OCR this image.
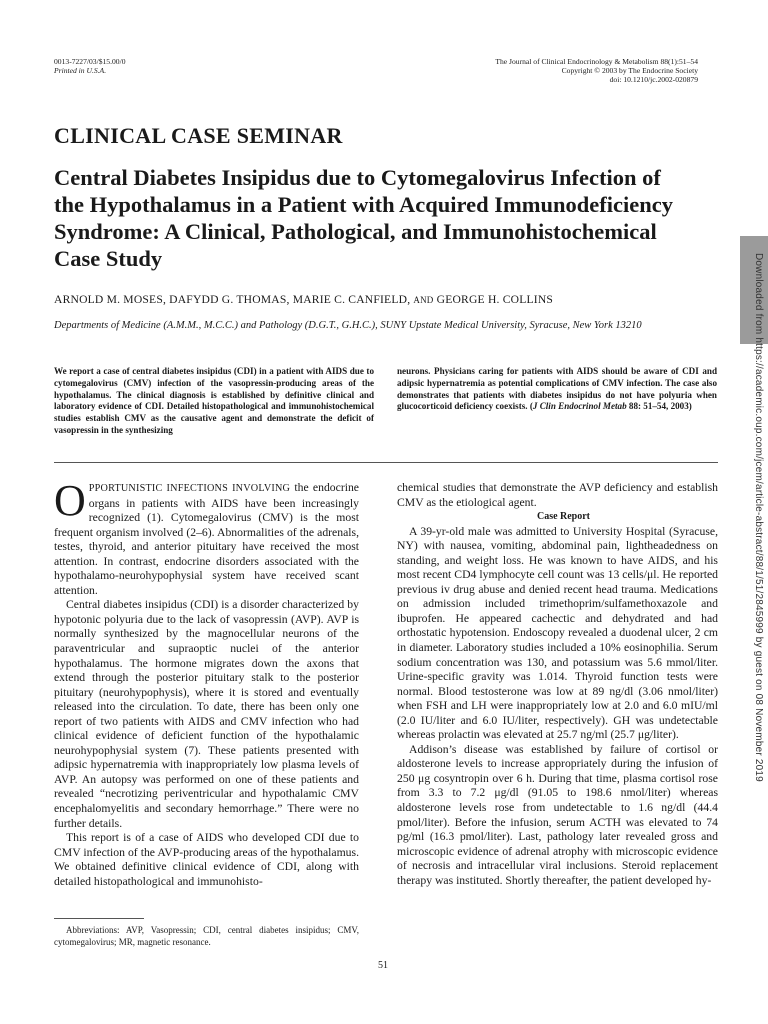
0013-7227/03/$15.00/0
Printed in U.S.A.
The Journal of Clinical Endocrinology & Metabolism 88(1):51–54
Copyright © 2003 by The Endocrine Society
doi: 10.1210/jc.2002-020879
CLINICAL CASE SEMINAR
Central Diabetes Insipidus due to Cytomegalovirus Infection of the Hypothalamus in a Patient with Acquired Immunodeficiency Syndrome: A Clinical, Pathological, and Immunohistochemical Case Study
ARNOLD M. MOSES, DAFYDD G. THOMAS, MARIE C. CANFIELD, AND GEORGE H. COLLINS
Departments of Medicine (A.M.M., M.C.C.) and Pathology (D.G.T., G.H.C.), SUNY Upstate Medical University, Syracuse, New York 13210
We report a case of central diabetes insipidus (CDI) in a patient with AIDS due to cytomegalovirus (CMV) infection of the vasopressin-producing areas of the hypothalamus. The clinical diagnosis is established by definitive clinical and laboratory evidence of CDI. Detailed histopathological and immunohistochemical studies establish CMV as the causative agent and demonstrate the deficit of vasopressin in the synthesizing
neurons. Physicians caring for patients with AIDS should be aware of CDI and adipsic hypernatremia as potential complications of CMV infection. The case also demonstrates that patients with diabetes insipidus do not have polyuria when glucocorticoid deficiency coexists. (J Clin Endocrinol Metab 88: 51–54, 2003)

OPPORTUNISTIC INFECTIONS INVOLVING the endocrine organs in patients with AIDS have been increasingly recognized (1). Cytomegalovirus (CMV) is the most frequent organism involved (2–6). Abnormalities of the adrenals, testes, thyroid, and anterior pituitary have received the most attention. In contrast, endocrine disorders associated with the hypothalamo-neurohypophysial system have received scant attention.

Central diabetes insipidus (CDI) is a disorder characterized by hypotonic polyuria due to the lack of vasopressin (AVP). AVP is normally synthesized by the magnocellular neurons of the paraventricular and supraoptic nuclei of the anterior hypothalamus. The hormone migrates down the axons that extend through the posterior pituitary stalk to the posterior pituitary (neurohypophysis), where it is stored and eventually released into the circulation. To date, there has been only one report of two patients with AIDS and CMV infection who had clinical evidence of deficient function of the hypothalamic neurohypophysial system (7). These patients presented with adipsic hypernatremia with inappropriately low plasma levels of AVP. An autopsy was performed on one of these patients and revealed “necrotizing periventricular and hypothalamic CMV encephalomyelitis and secondary hemorrhage.” There were no further details.

This report is of a case of AIDS who developed CDI due to CMV infection of the AVP-producing areas of the hypothalamus. We obtained definitive clinical evidence of CDI, along with detailed histopathological and immunohisto-

chemical studies that demonstrate the AVP deficiency and establish CMV as the etiological agent.

Case Report

A 39-yr-old male was admitted to University Hospital (Syracuse, NY) with nausea, vomiting, abdominal pain, lightheadedness on standing, and weight loss. He was known to have AIDS, and his most recent CD4 lymphocyte cell count was 13 cells/μl. He reported previous iv drug abuse and denied recent head trauma. Medications on admission included trimethoprim/sulfamethoxazole and ibuprofen. He appeared cachectic and dehydrated and had orthostatic hypotension. Endoscopy revealed a duodenal ulcer, 2 cm in diameter. Laboratory studies included a 10% eosinophilia. Serum sodium concentration was 130, and potassium was 5.6 mmol/liter. Urine-specific gravity was 1.014. Thyroid function tests were normal. Blood testosterone was low at 89 ng/dl (3.06 nmol/liter) when FSH and LH were inappropriately low at 2.0 and 6.0 mIU/ml (2.0 IU/liter and 6.0 IU/liter, respectively). GH was undetectable whereas prolactin was elevated at 25.7 ng/ml (25.7 μg/liter).

Addison’s disease was established by failure of cortisol or aldosterone levels to increase appropriately during the infusion of 250 μg cosyntropin over 6 h. During that time, plasma cortisol rose from 3.3 to 7.2 μg/dl (91.05 to 198.6 nmol/liter) whereas aldosterone levels rose from undetectable to 1.6 ng/dl (44.4 pmol/liter). Before the infusion, serum ACTH was elevated to 74 pg/ml (16.3 pmol/liter). Last, pathology later revealed gross and microscopic evidence of adrenal atrophy with microscopic evidence of necrosis and intracellular viral inclusions. Steroid replacement therapy was instituted. Shortly thereafter, the patient developed hy-

Abbreviations: AVP, Vasopressin; CDI, central diabetes insipidus; CMV, cytomegalovirus; MR, magnetic resonance.
51
Downloaded from https://academic.oup.com/jcem/article-abstract/88/1/51/2845999 by guest on 08 November 2019
